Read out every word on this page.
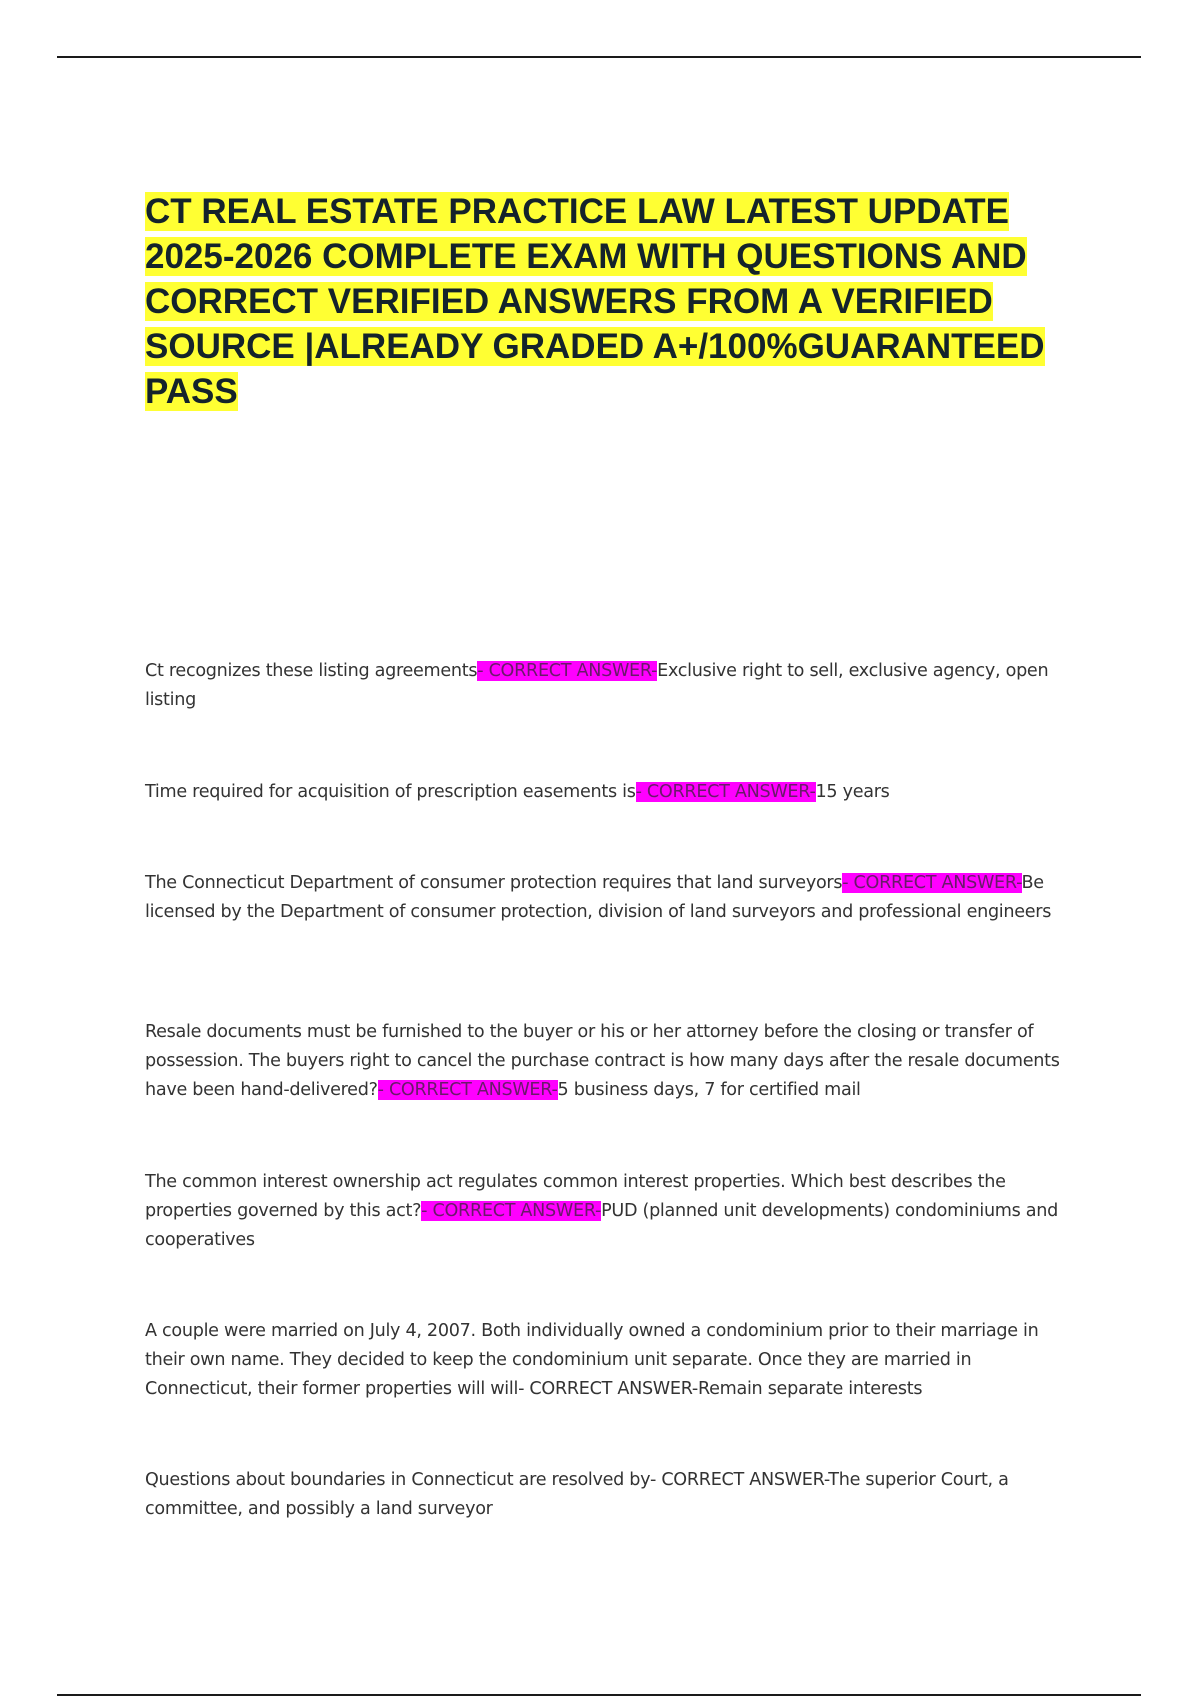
CT REAL ESTATE PRACTICE LAW LATEST UPDATE 2025-2026 COMPLETE EXAM WITH QUESTIONS AND CORRECT VERIFIED ANSWERS FROM A VERIFIED SOURCE |ALREADY GRADED A+/100%GUARANTEED PASS

Ct recognizes these listing agreements- CORRECT ANSWER-Exclusive right to sell, exclusive agency, open listing

Time required for acquisition of prescription easements is- CORRECT ANSWER-15 years

The Connecticut Department of consumer protection requires that land surveyors- CORRECT ANSWER-Be licensed by the Department of consumer protection, division of land surveyors and professional engineers

Resale documents must be furnished to the buyer or his or her attorney before the closing or transfer of possession. The buyers right to cancel the purchase contract is how many days after the resale documents have been hand-delivered?- CORRECT ANSWER-5 business days, 7 for certified mail

The common interest ownership act regulates common interest properties. Which best describes the properties governed by this act?- CORRECT ANSWER-PUD (planned unit developments) condominiums and cooperatives

A couple were married on July 4, 2007. Both individually owned a condominium prior to their marriage in their own name. They decided to keep the condominium unit separate. Once they are married in Connecticut, their former properties will will- CORRECT ANSWER-Remain separate interests

Questions about boundaries in Connecticut are resolved by- CORRECT ANSWER-The superior Court, a committee, and possibly a land surveyor
